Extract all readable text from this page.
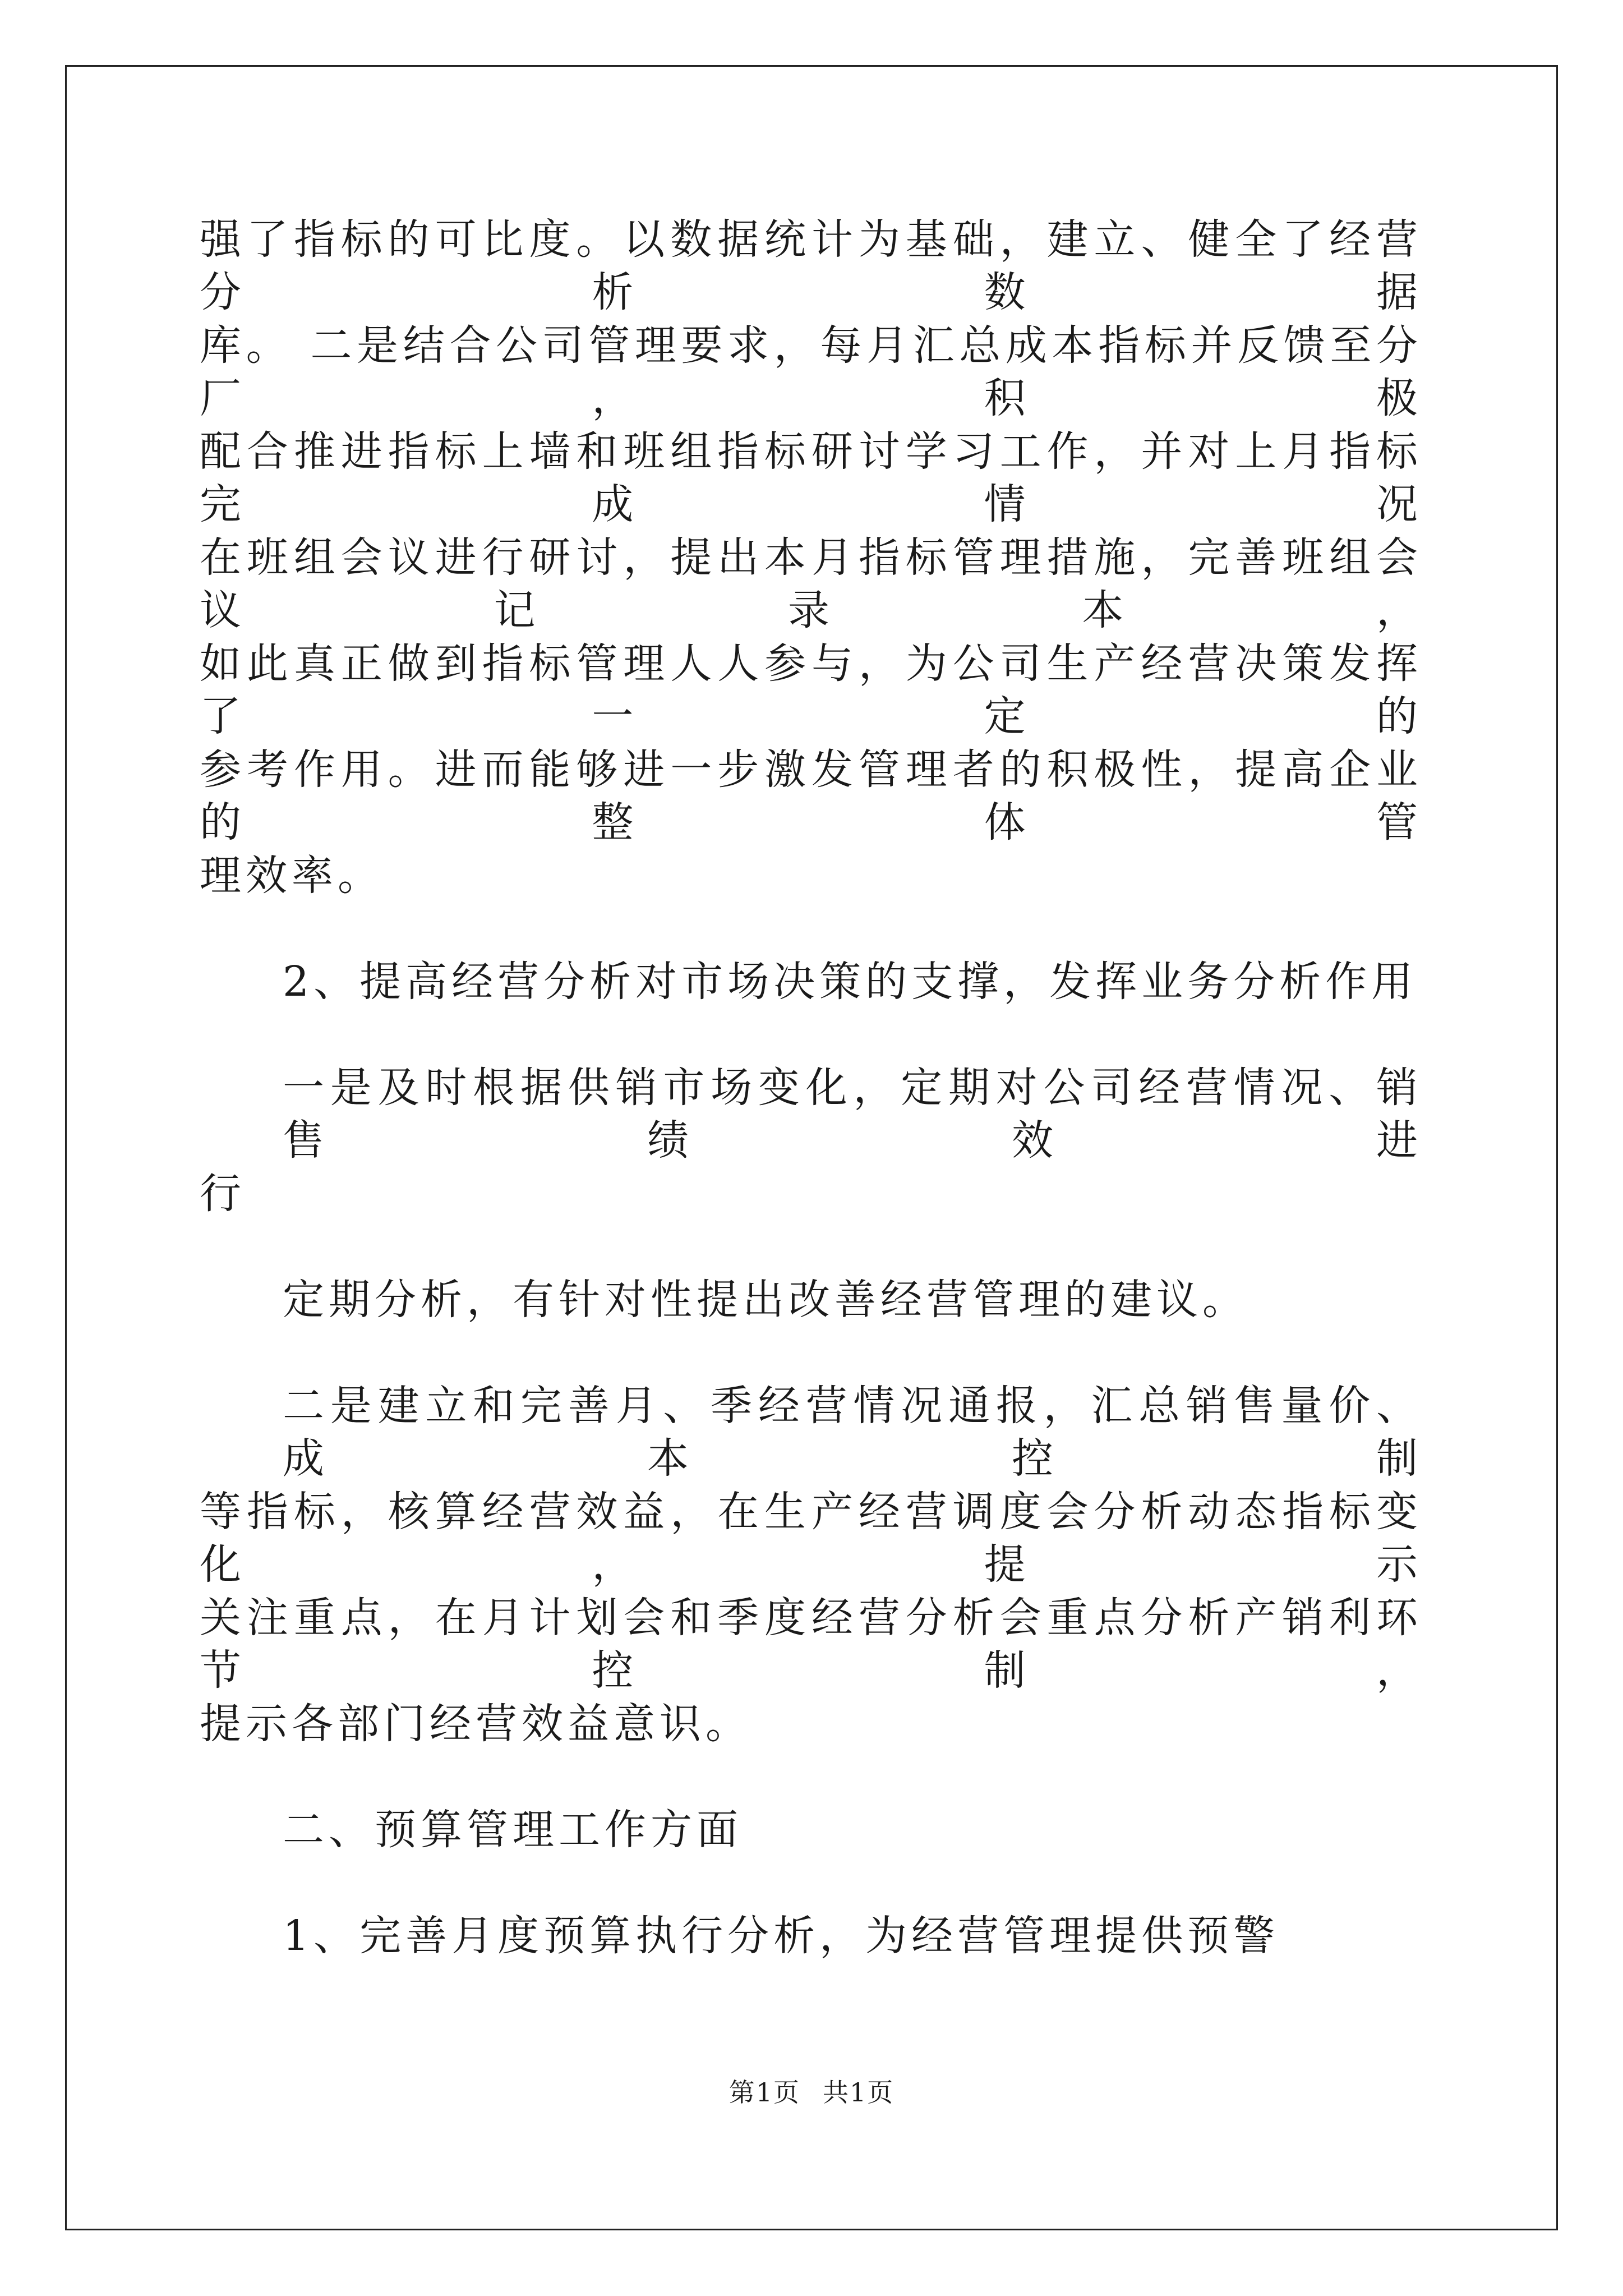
强了指标的可比度。以数据统计为基础，建立、健全了经营分析数据
库。 二是结合公司管理要求，每月汇总成本指标并反馈至分厂，积极
配合推进指标上墙和班组指标研讨学习工作，并对上月指标完成情况
在班组会议进行研讨，提出本月指标管理措施，完善班组会议记录本，
如此真正做到指标管理人人参与，为公司生产经营决策发挥了一定的
参考作用。进而能够进一步激发管理者的积极性，提高企业的整体管
理效率。
2、提高经营分析对市场决策的支撑，发挥业务分析作用
一是及时根据供销市场变化，定期对公司经营情况、销售绩效进
行
定期分析，有针对性提出改善经营管理的建议。
二是建立和完善月、季经营情况通报，汇总销售量价、成本控制
等指标，核算经营效益，在生产经营调度会分析动态指标变化，提示
关注重点，在月计划会和季度经营分析会重点分析产销利环节控制，
提示各部门经营效益意识。
二、预算管理工作方面
1、完善月度预算执行分析，为经营管理提供预警
第1页 共1页
